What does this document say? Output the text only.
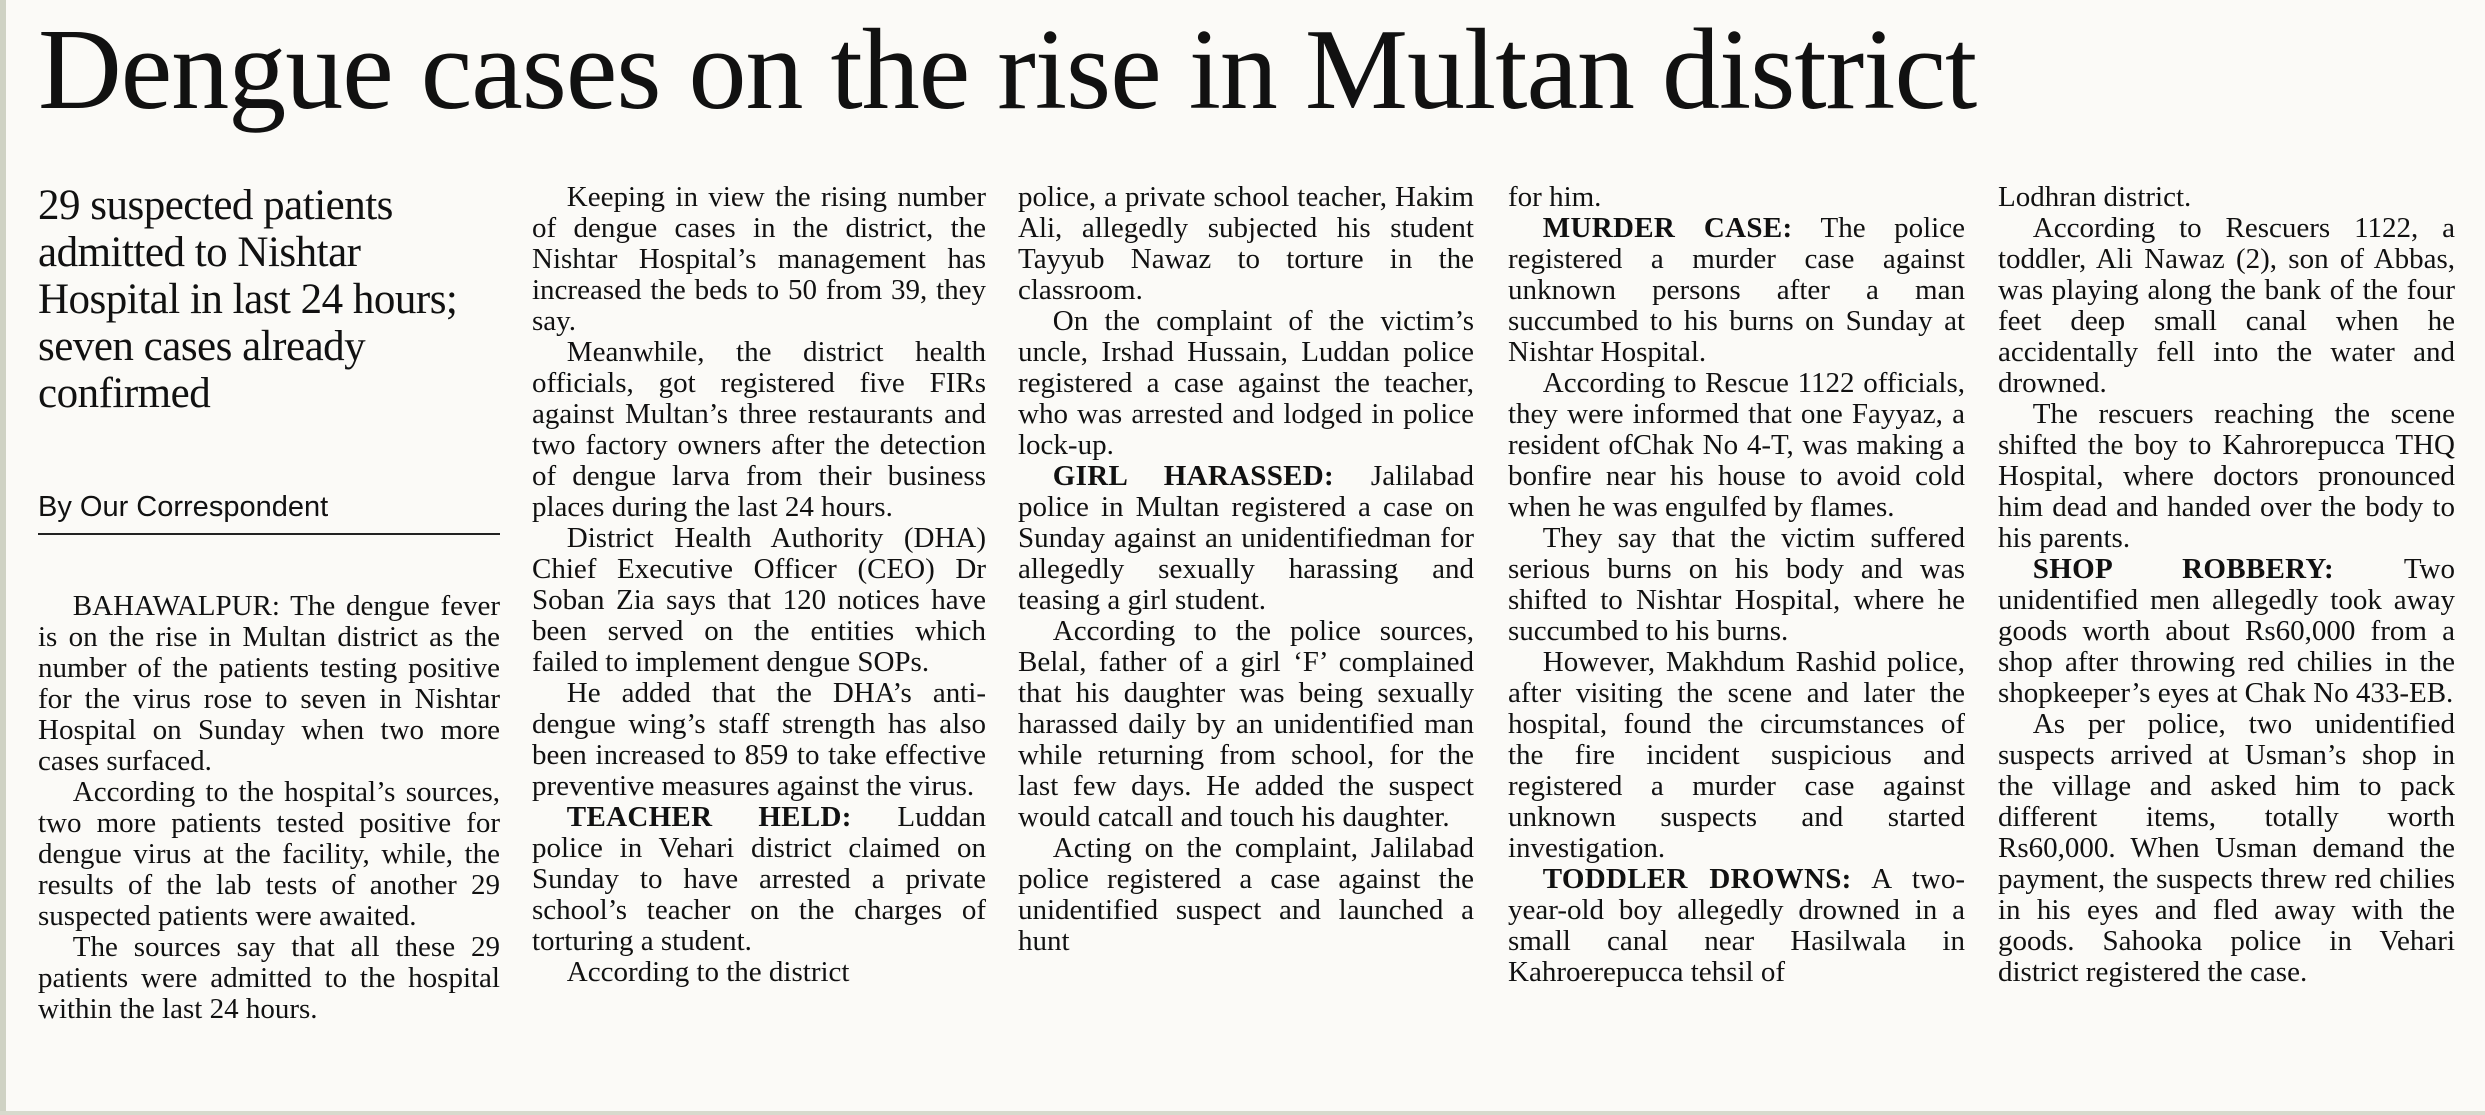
Dengue cases on the rise in Multan district
29 suspected patients admitted to Nishtar Hospital in last 24 hours; seven cases already confirmed
By Our Correspondent

BAHAWALPUR: The dengue fever is on the rise in Multan district as the number of the patients testing positive for the virus rose to seven in Nishtar Hospital on Sunday when two more cases surfaced.

According to the hospital’s sources, two more patients tested positive for dengue virus at the facility, while, the results of the lab tests of another 29 suspected patients were awaited.

The sources say that all these 29 patients were admitted to the hospital within the last 24 hours.

Keeping in view the rising number of dengue cases in the district, the Nishtar Hospital’s management has increased the beds to 50 from 39, they say.

Meanwhile, the district health officials, got registered five FIRs against Multan’s three restaurants and two factory owners after the detection of dengue larva from their business places during the last 24 hours.

District Health Authority (DHA) Chief Executive Officer (CEO) Dr Soban Zia says that 120 notices have been served on the entities which failed to implement dengue SOPs.

He added that the DHA’s anti-dengue wing’s staff strength has also been increased to 859 to take effective preventive measures against the virus.

TEACHER HELD: Luddan police in Vehari district claimed on Sunday to have arrested a private school’s teacher on the charges of torturing a student.

According to the district

police, a private school teacher, Hakim Ali, allegedly subjected his student Tayyub Nawaz to torture in the classroom.

On the complaint of the victim’s uncle, Irshad Hussain, Luddan police registered a case against the teacher, who was arrested and lodged in police lock-up.

GIRL HARASSED: Jalilabad police in Multan registered a case on Sunday against an unidentifiedman for allegedly sexually harassing and teasing a girl student.

According to the police sources, Belal, father of a girl ‘F’ complained that his daughter was being sexually harassed daily by an unidentified man while returning from school, for the last few days. He added the suspect would catcall and touch his daughter.

Acting on the complaint, Jalilabad police registered a case against the unidentified suspect and launched a hunt

for him.

MURDER CASE: The police registered a murder case against unknown persons after a man succumbed to his burns on Sunday at Nishtar Hospital.

According to Rescue 1122 officials, they were informed that one Fayyaz, a resident ofChak No 4-T, was making a bonfire near his house to avoid cold when he was engulfed by flames.

They say that the victim suffered serious burns on his body and was shifted to Nishtar Hospital, where he succumbed to his burns.

However, Makhdum Rashid police, after visiting the scene and later the hospital, found the circumstances of the fire incident suspicious and registered a murder case against unknown suspects and started investigation.

TODDLER DROWNS: A two-year-old boy allegedly drowned in a small canal near Hasilwala in Kahroerepucca tehsil of

Lodhran district.

According to Rescuers 1122, a toddler, Ali Nawaz (2), son of Abbas, was playing along the bank of the four feet deep small canal when he accidentally fell into the water and drowned.

The rescuers reaching the scene shifted the boy to Kahrorepucca THQ Hospital, where doctors pronounced him dead and handed over the body to his parents.

SHOP ROBBERY: Two unidentified men allegedly took away goods worth about Rs60,000 from a shop after throwing red chilies in the shopkeeper’s eyes at Chak No 433-EB.

As per police, two unidentified suspects arrived at Usman’s shop in the village and asked him to pack different items, totally worth Rs60,000. When Usman demand the payment, the suspects threw red chilies in his eyes and fled away with the goods. Sahooka police in Vehari district registered the case.
